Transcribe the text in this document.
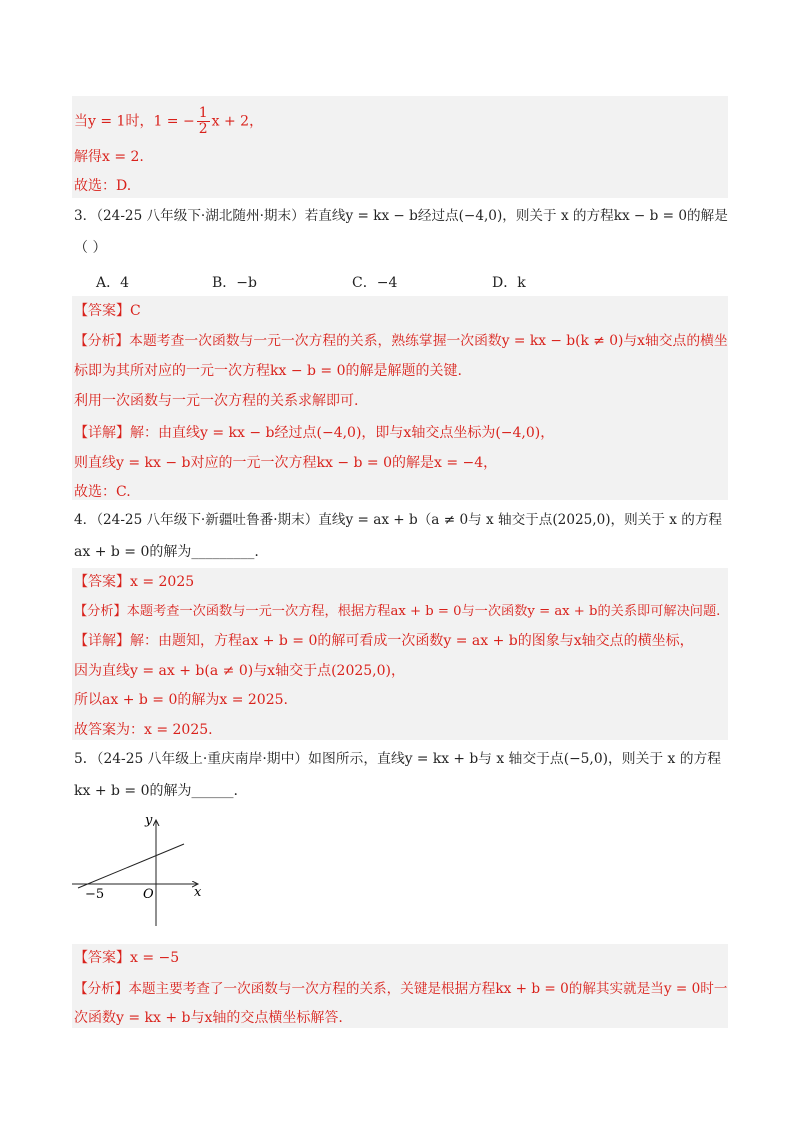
当y = 1时，1 = − $\frac{1}{2}$ x + 2，
解得x = 2.
故选：D.
3．（24-25 八年级下·湖北随州·期末）若直线y = kx − b经过点(−4,0)，则关于 x 的方程kx − b = 0的解是
（ ）
A．4	B．−b	C．−4	D．k
【答案】C
【分析】本题考查一次函数与一元一次方程的关系，熟练掌握一次函数y = kx − b(k ≠ 0)与x轴交点的横坐
标即为其所对应的一元一次方程kx − b = 0的解是解题的关键.
利用一次函数与一元一次方程的关系求解即可.
【详解】解：由直线y = kx − b经过点(−4,0)，即与x轴交点坐标为(−4,0)，
则直线y = kx − b对应的一元一次方程kx − b = 0的解是x = −4，
故选：C.
4．（24-25 八年级下·新疆吐鲁番·期末）直线y = ax + b（a ≠ 0与 x 轴交于点(2025,0)，则关于 x 的方程
ax + b = 0的解为_________.
【答案】x = 2025
【分析】本题考查一次函数与一元一次方程，根据方程ax + b = 0与一次函数y = ax + b的关系即可解决问题.
【详解】解：由题知，方程ax + b = 0的解可看成一次函数y = ax + b的图象与x轴交点的横坐标，
因为直线y = ax + b(a ≠ 0)与x轴交于点(2025,0)，
所以ax + b = 0的解为x = 2025.
故答案为：x = 2025.
5．（24-25 八年级上·重庆南岸·期中）如图所示，直线y = kx + b与 x 轴交于点(−5,0)，则关于 x 的方程
kx + b = 0的解为______.
y
x
O
−5
【答案】x = −5
【分析】本题主要考查了一次函数与一次方程的关系，关键是根据方程kx + b = 0的解其实就是当y = 0时一
次函数y = kx + b与x轴的交点横坐标解答.
